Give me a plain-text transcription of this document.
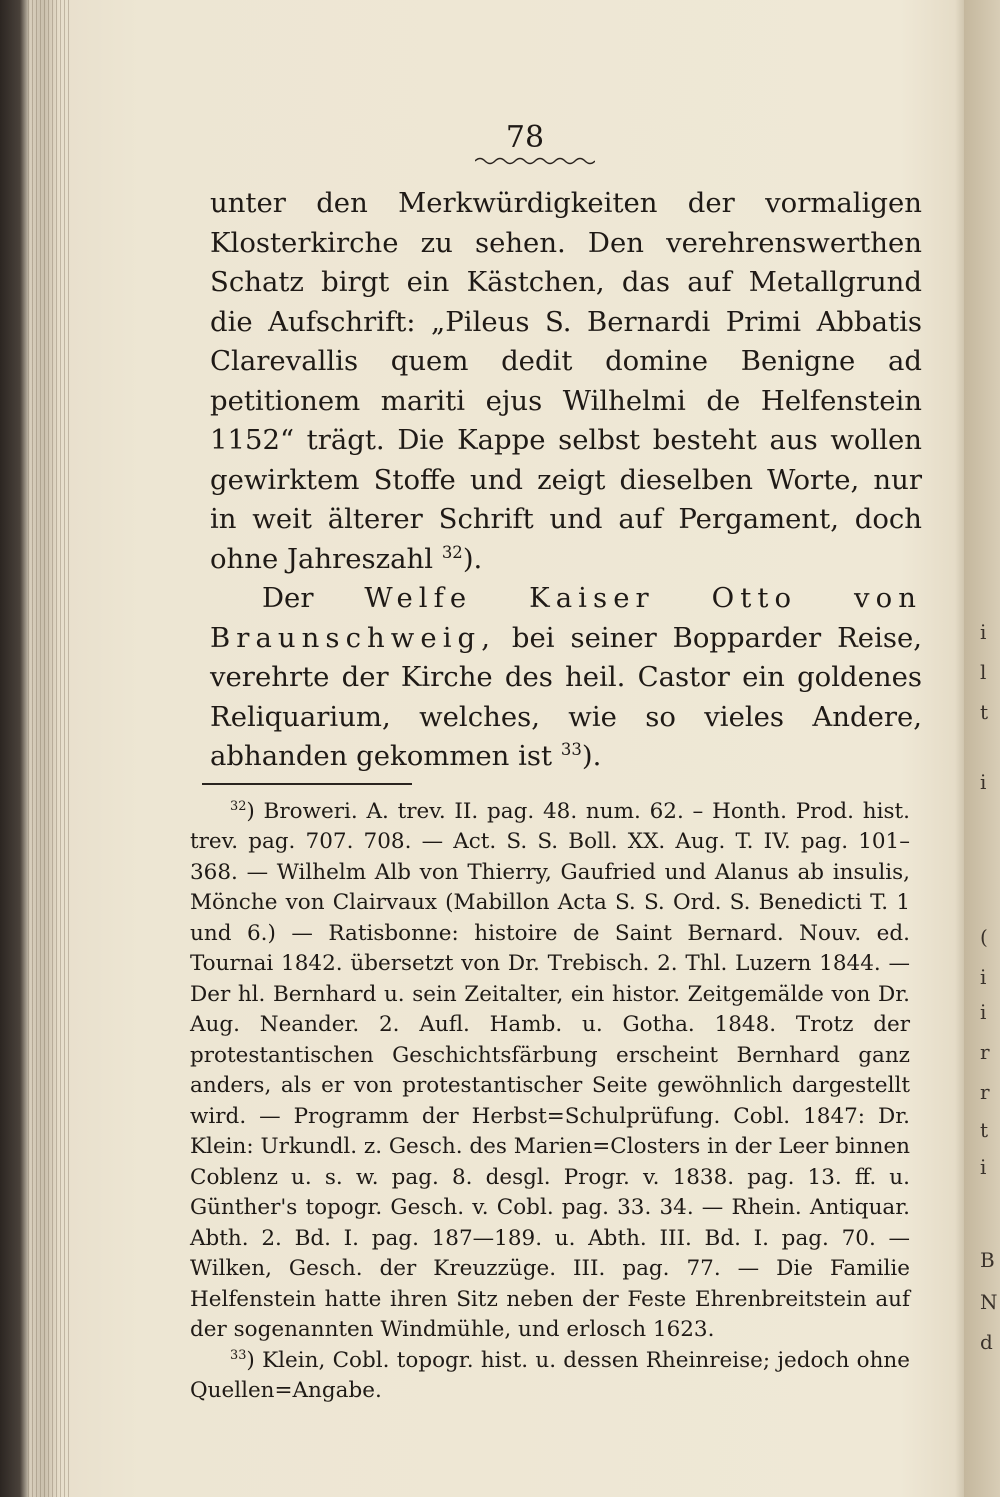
78

unter den Merkwürdigkeiten der vormaligen Klosterkirche zu sehen. Den verehrenswerthen Schatz birgt ein Kästchen, das auf Metallgrund die Aufschrift: „Pileus S. Bernardi Primi Abbatis Clarevallis quem dedit domine Benigne ad petitionem mariti ejus Wilhelmi de Helfenstein 1152“ trägt. Die Kappe selbst besteht aus wollen gewirktem Stoffe und zeigt dieselben Worte, nur in weit älterer Schrift und auf Pergament, doch ohne Jahreszahl $^{32}$).

Der Welfe Kaiser Otto von Braunschweig, bei seiner Bopparder Reise, verehrte der Kirche des heil. Castor ein goldenes Reliquarium, welches, wie so vieles Andere, abhanden gekommen ist $^{33}$).

$^{32}$) Broweri. A. trev. II. pag. 48. num. 62. – Honth. Prod. hist. trev. pag. 707. 708. — Act. S. S. Boll. XX. Aug. T. IV. pag. 101–368. — Wilhelm Alb von Thierry, Gaufried und Alanus ab insulis, Mönche von Clairvaux (Mabillon Acta S. S. Ord. S. Benedicti T. 1 und 6.) — Ratisbonne: histoire de Saint Bernard. Nouv. ed. Tournai 1842. übersetzt von Dr. Trebisch. 2. Thl. Luzern 1844. — Der hl. Bernhard u. sein Zeitalter, ein histor. Zeitgemälde von Dr. Aug. Neander. 2. Aufl. Hamb. u. Gotha. 1848. Trotz der protestantischen Geschichtsfärbung erscheint Bernhard ganz anders, als er von protestantischer Seite gewöhnlich dargestellt wird. — Programm der Herbst=Schulprüfung. Cobl. 1847: Dr. Klein: Urkundl. z. Gesch. des Marien=Closters in der Leer binnen Coblenz u. s. w. pag. 8. desgl. Progr. v. 1838. pag. 13. ff. u. Günther's topogr. Gesch. v. Cobl. pag. 33. 34. — Rhein. Antiquar. Abth. 2. Bd. I. pag. 187—189. u. Abth. III. Bd. I. pag. 70. — Wilken, Gesch. der Kreuzzüge. III. pag. 77. — Die Familie Helfenstein hatte ihren Sitz neben der Feste Ehrenbreitstein auf der sogenannten Windmühle, und erlosch 1623.

$^{33}$) Klein, Cobl. topogr. hist. u. dessen Rheinreise; jedoch ohne Quellen=Angabe.

i
l
t
i
(
i
i
r
r
t
i
B
N
d
